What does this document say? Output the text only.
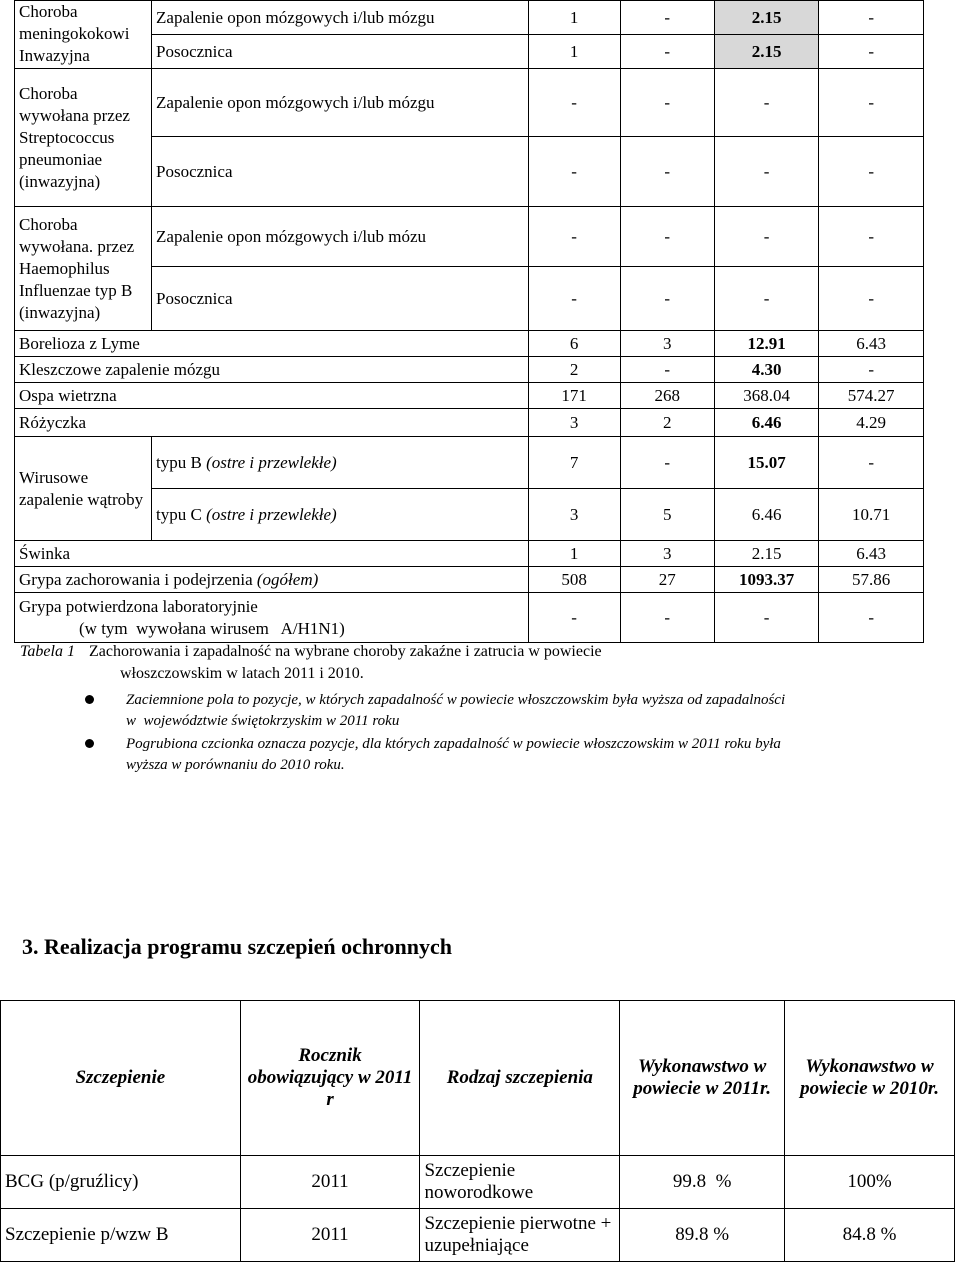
Choroba meningokokowi Inwazyjna	Zapalenie opon mózgowych i/lub mózgu	1	-	2.15	-
	Posocznica	1	-	2.15	-
Choroba wywołana przez Streptococcus pneumoniae (inwazyjna)	Zapalenie opon mózgowych i/lub mózgu	-	-	-	-
	Posocznica	-	-	-	-
Choroba wywołana. przez Haemophilus Influenzae typ B (inwazyjna)	Zapalenie opon mózgowych i/lub mózu	-	-	-	-
	Posocznica	-	-	-	-
Borelioza z Lyme		6	3	12.91	6.43
Kleszczowe zapalenie mózgu		2	-	4.30	-
Ospa wietrzna		171	268	368.04	574.27
Różyczka		3	2	6.46	4.29
Wirusowe zapalenie wątroby	typu B (ostre i przewlekłe)	7	-	15.07	-
	typu C (ostre i przewlekłe)	3	5	6.46	10.71
Świnka		1	3	2.15	6.43
Grypa zachorowania i podejrzenia (ogółem)		508	27	1093.37	57.86

Grypa potwierdzona laboratoryjnie
(w tym  wywołana wirusem   A/H1N1)		-	-	-	-
Tabela 1 Zachorowania i zapadalność na wybrane choroby zakaźne i zatrucia w powiecie
włoszczowskim w latach 2011 i 2010.
Zaciemnione pola to pozycje, w których zapadalność w powiecie włoszczowskim była wyższa od zapadalności
w  województwie świętokrzyskim w 2011 roku
Pogrubiona czcionka oznacza pozycje, dla których zapadalność w powiecie włoszczowskim w 2011 roku była
wyższa w porównaniu do 2010 roku.
3. Realizacja programu szczepień ochronnych
Szczepienie	Rocznik obowiązujący w 2011 r	Rodzaj szczepienia	Wykonawstwo w powiecie w 2011r.	Wykonawstwo w powiecie w 2010r.
BCG (p/gruźlicy)	2011	Szczepienie noworodkowe	99.8  %	100%
Szczepienie p/wzw B	2011	Szczepienie pierwotne + uzupełniające	89.8 %	84.8 %
